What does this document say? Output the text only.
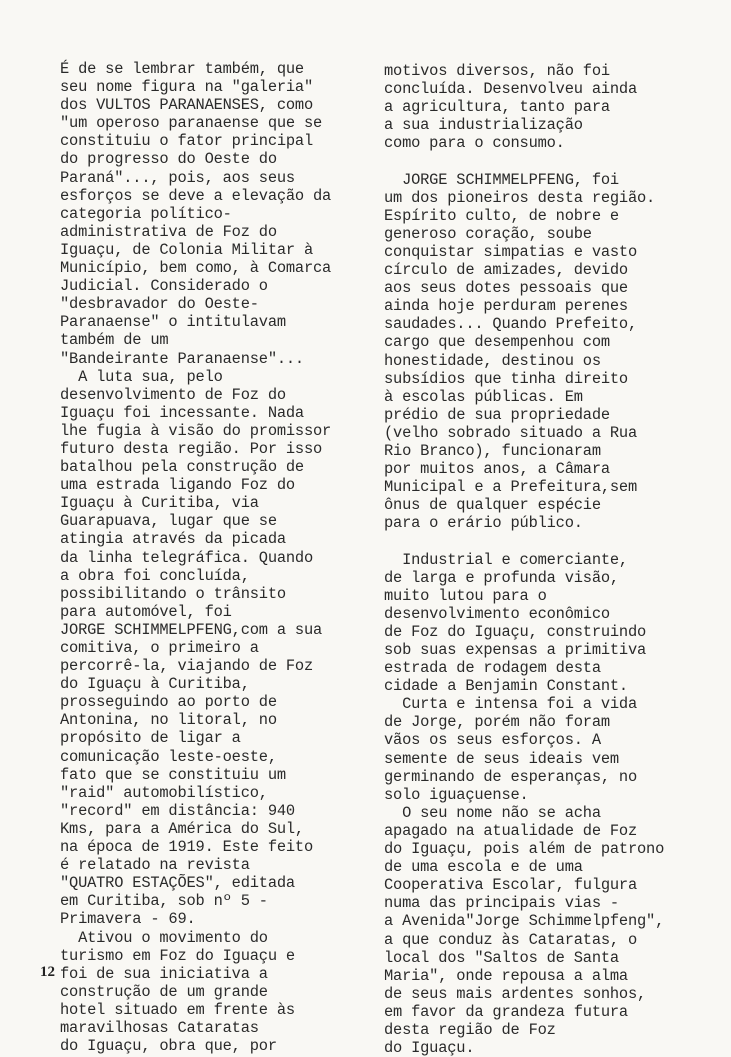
É de se lembrar também, que
seu nome figura na "galeria"
dos VULTOS PARANAENSES, como
"um operoso paranaense que se
constituiu o fator principal
do progresso do Oeste do
Paraná"..., pois, aos seus
esforços se deve a elevação da
categoria político-
administrativa de Foz do
Iguaçu, de Colonia Militar à
Município, bem como, à Comarca
Judicial. Considerado o
"desbravador do Oeste-
Paranaense" o intitulavam
também de um
"Bandeirante Paranaense"...
A luta sua, pelo
desenvolvimento de Foz do
Iguaçu foi incessante. Nada
lhe fugia à visão do promissor
futuro desta região. Por isso
batalhou pela construção de
uma estrada ligando Foz do
Iguaçu à Curitiba, via
Guarapuava, lugar que se
atingia através da picada
da linha telegráfica. Quando
a obra foi concluída,
possibilitando o trânsito
para automóvel, foi
JORGE SCHIMMELPFENG,com a sua
comitiva, o primeiro a
percorrê-la, viajando de Foz
do Iguaçu à Curitiba,
prosseguindo ao porto de
Antonina, no litoral, no
propósito de ligar a
comunicação leste-oeste,
fato que se constituiu um
"raid" automobilístico,
"record" em distância: 940
Kms, para a América do Sul,
na época de 1919. Este feito
é relatado na revista
"QUATRO ESTAÇÕES", editada
em Curitiba, sob nº 5 -
Primavera - 69.
Ativou o movimento do
turismo em Foz do Iguaçu e
foi de sua iniciativa a
construção de um grande
hotel situado em frente às
maravilhosas Cataratas
do Iguaçu, obra que, por
motivos diversos, não foi
concluída. Desenvolveu ainda
a agricultura, tanto para
a sua industrialização
como para o consumo.
JORGE SCHIMMELPFENG, foi
um dos pioneiros desta região.
Espírito culto, de nobre e
generoso coração, soube
conquistar simpatias e vasto
círculo de amizades, devido
aos seus dotes pessoais que
ainda hoje perduram perenes
saudades... Quando Prefeito,
cargo que desempenhou com
honestidade, destinou os
subsídios que tinha direito
à escolas públicas. Em
prédio de sua propriedade
(velho sobrado situado a Rua
Rio Branco), funcionaram
por muitos anos, a Câmara
Municipal e a Prefeitura,sem
ônus de qualquer espécie
para o erário público.
Industrial e comerciante,
de larga e profunda visão,
muito lutou para o
desenvolvimento econômico
de Foz do Iguaçu, construindo
sob suas expensas a primitiva
estrada de rodagem desta
cidade a Benjamin Constant.
Curta e intensa foi a vida
de Jorge, porém não foram
vãos os seus esforços. A
semente de seus ideais vem
germinando de esperanças, no
solo iguaçuense.
O seu nome não se acha
apagado na atualidade de Foz
do Iguaçu, pois além de patrono
de uma escola e de uma
Cooperativa Escolar, fulgura
numa das principais vias -
a Avenida"Jorge Schimmelpfeng",
a que conduz às Cataratas, o
local dos "Saltos de Santa
Maria", onde repousa a alma
de seus mais ardentes sonhos,
em favor da grandeza futura
desta região de Foz
do Iguaçu.
12
